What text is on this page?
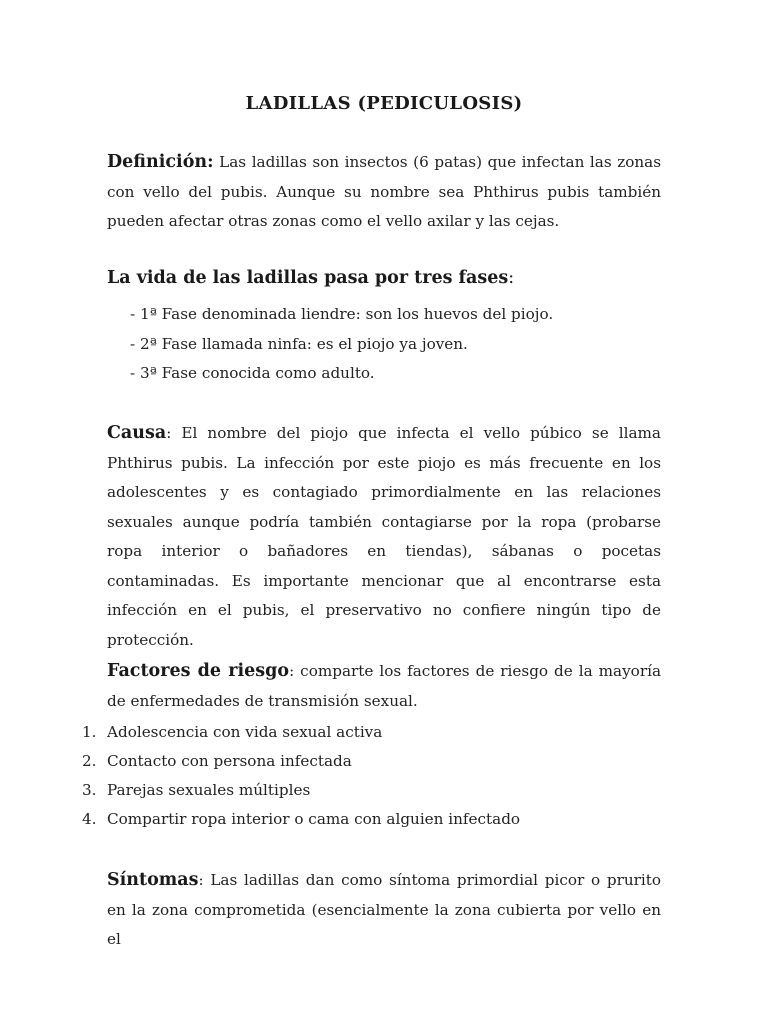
LADILLAS (PEDICULOSIS)

Definición: Las ladillas son insectos (6 patas) que infectan las zonas con vello del pubis. Aunque su nombre sea Phthirus pubis también pueden afectar otras zonas como el vello axilar y las cejas.

La vida de las ladillas pasa por tres fases:

- 1ª Fase denominada liendre: son los huevos del piojo.
- 2ª Fase llamada ninfa: es el piojo ya joven.
- 3ª Fase conocida como adulto.

Causa: El nombre del piojo que infecta el vello púbico se llama Phthirus pubis. La infección por este piojo es más frecuente en los adolescentes y es contagiado primordialmente en las relaciones sexuales aunque podría también contagiarse por la ropa (probarse ropa interior o bañadores en tiendas), sábanas o pocetas contaminadas. Es importante mencionar que al encontrarse esta infección en el pubis, el preservativo no confiere ningún tipo de protección.

Factores de riesgo: comparte los factores de riesgo de la mayoría de enfermedades de transmisión sexual.

1. Adolescencia con vida sexual activa
2. Contacto con persona infectada
3. Parejas sexuales múltiples
4. Compartir ropa interior o cama con alguien infectado

Síntomas: Las ladillas dan como síntoma primordial picor o prurito en la zona comprometida (esencialmente la zona cubierta por vello en el
